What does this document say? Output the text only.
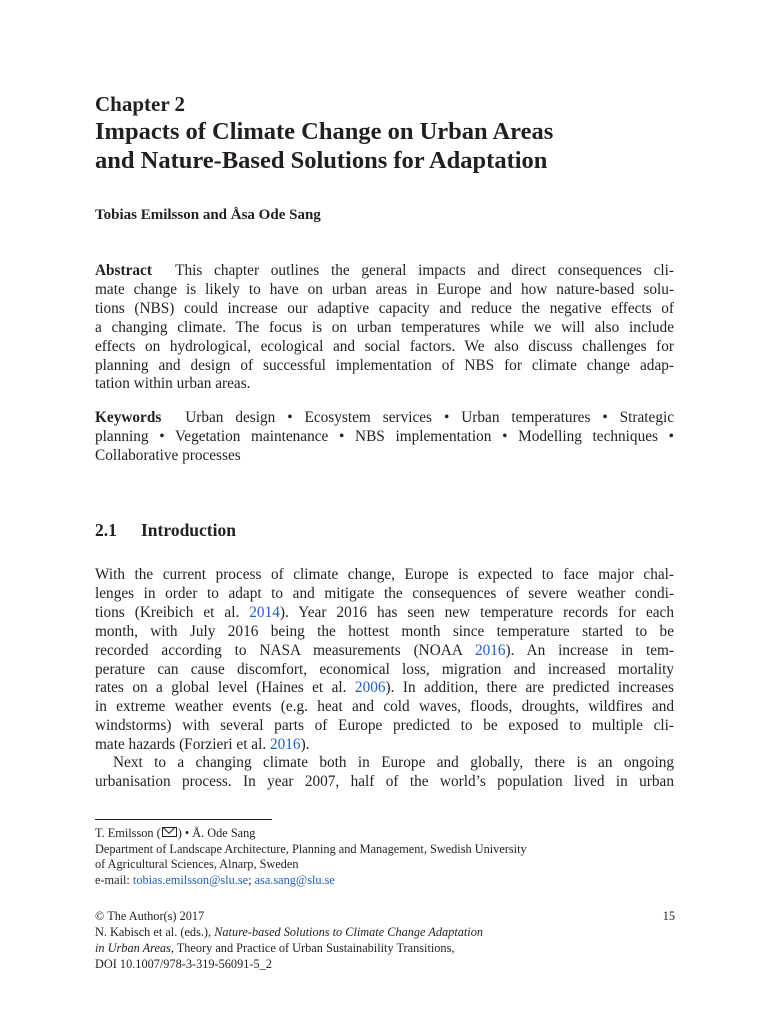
Chapter 2
Impacts of Climate Change on Urban Areas
and Nature-Based Solutions for Adaptation
Tobias Emilsson and Åsa Ode Sang
Abstract This chapter outlines the general impacts and direct consequences cli-
mate change is likely to have on urban areas in Europe and how nature-based solu-
tions (NBS) could increase our adaptive capacity and reduce the negative effects of
a changing climate. The focus is on urban temperatures while we will also include
effects on hydrological, ecological and social factors. We also discuss challenges for
planning and design of successful implementation of NBS for climate change adap-
tation within urban areas.
Keywords Urban design • Ecosystem services • Urban temperatures • Strategic
planning • Vegetation maintenance • NBS implementation • Modelling techniques •
Collaborative processes
2.1 Introduction
With the current process of climate change, Europe is expected to face major chal-
lenges in order to adapt to and mitigate the consequences of severe weather condi-
tions (Kreibich et al. 2014). Year 2016 has seen new temperature records for each
month, with July 2016 being the hottest month since temperature started to be
recorded according to NASA measurements (NOAA 2016). An increase in tem-
perature can cause discomfort, economical loss, migration and increased mortality
rates on a global level (Haines et al. 2006). In addition, there are predicted increases
in extreme weather events (e.g. heat and cold waves, floods, droughts, wildfires and
windstorms) with several parts of Europe predicted to be exposed to multiple cli-
mate hazards (Forzieri et al. 2016).
Next to a changing climate both in Europe and globally, there is an ongoing
urbanisation process. In year 2007, half of the world’s population lived in urban
T. Emilsson ( ) • Å. Ode Sang
Department of Landscape Architecture, Planning and Management, Swedish University
of Agricultural Sciences, Alnarp, Sweden
e-mail: tobias.emilsson@slu.se; asa.sang@slu.se
© The Author(s) 2017
N. Kabisch et al. (eds.), Nature-based Solutions to Climate Change Adaptation
in Urban Areas, Theory and Practice of Urban Sustainability Transitions,
DOI 10.1007/978-3-319-56091-5_2
15
